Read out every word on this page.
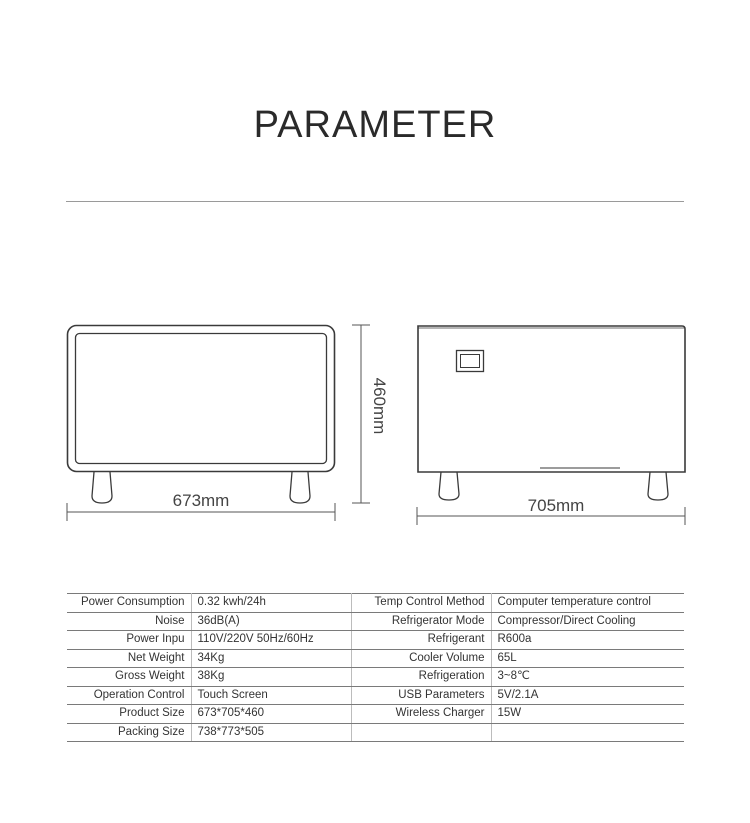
PARAMETER
673mm
460mm
705mm
Power Consumption	0.32 kwh/24h	Temp Control Method	Computer temperature control
Noise	36dB(A)	Refrigerator Mode	Compressor/Direct Cooling
Power Inpu	110V/220V 50Hz/60Hz	Refrigerant	R600a
Net Weight	34Kg	Cooler Volume	65L
Gross Weight	38Kg	Refrigeration	3~8℃
Operation Control	Touch Screen	USB Parameters	5V/2.1A
Product Size	673*705*460	Wireless Charger	15W
Packing Size	738*773*505		
